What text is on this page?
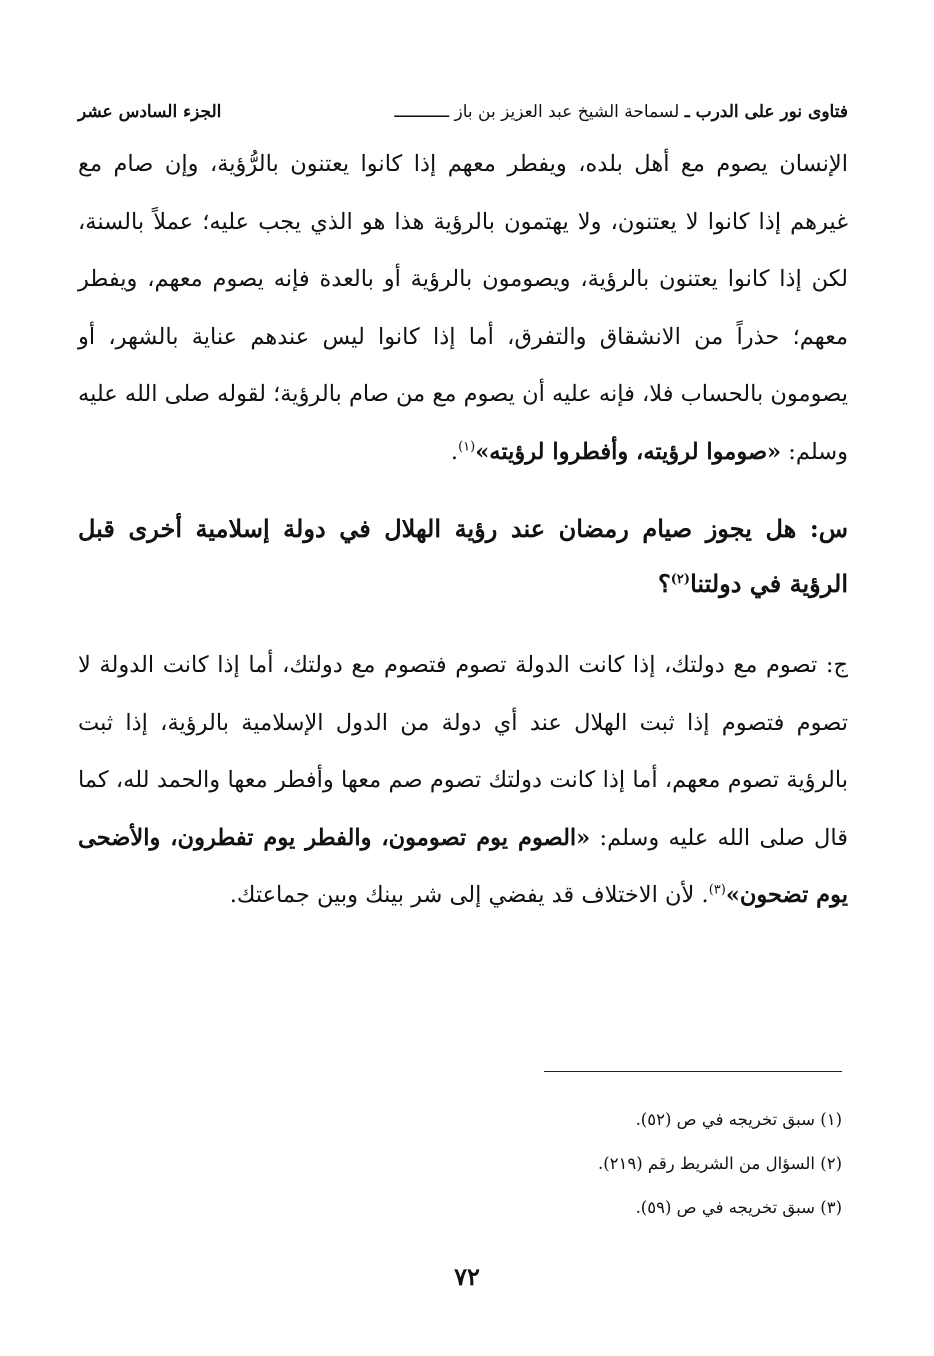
فتاوى نور على الدرب ـ لسماحة الشيخ عبد العزيز بن باز ـــــــــــ
الجزء السادس عشر

الإنسان يصوم مع أهل بلده، ويفطر معهم إذا كانوا يعتنون بالرُّؤية، وإن صام مع غيرهم إذا كانوا لا يعتنون، ولا يهتمون بالرؤية هذا هو الذي يجب عليه؛ عملاً بالسنة، لكن إذا كانوا يعتنون بالرؤية، ويصومون بالرؤية أو بالعدة فإنه يصوم معهم، ويفطر معهم؛ حذراً من الانشقاق والتفرق، أما إذا كانوا ليس عندهم عناية بالشهر، أو يصومون بالحساب فلا، فإنه عليه أن يصوم مع من صام بالرؤية؛ لقوله صلى الله عليه وسلم: «صوموا لرؤيته، وأفطروا لرؤيته»$^{(١)}$.

س: هل يجوز صيام رمضان عند رؤية الهلال في دولة إسلامية أخرى قبل الرؤية في دولتنا$^{(٢)}$؟

ج: تصوم مع دولتك، إذا كانت الدولة تصوم فتصوم مع دولتك، أما إذا كانت الدولة لا تصوم فتصوم إذا ثبت الهلال عند أي دولة من الدول الإسلامية بالرؤية، إذا ثبت بالرؤية تصوم معهم، أما إذا كانت دولتك تصوم صم معها وأفطر معها والحمد لله، كما قال صلى الله عليه وسلم: «الصوم يوم تصومون، والفطر يوم تفطرون، والأضحى يوم تضحون»$^{(٣)}$. لأن الاختلاف قد يفضي إلى شر بينك وبين جماعتك.

(١) سبق تخريجه في ص (٥٢).

(٢) السؤال من الشريط رقم (٢١٩).

(٣) سبق تخريجه في ص (٥٩).

٧٢
